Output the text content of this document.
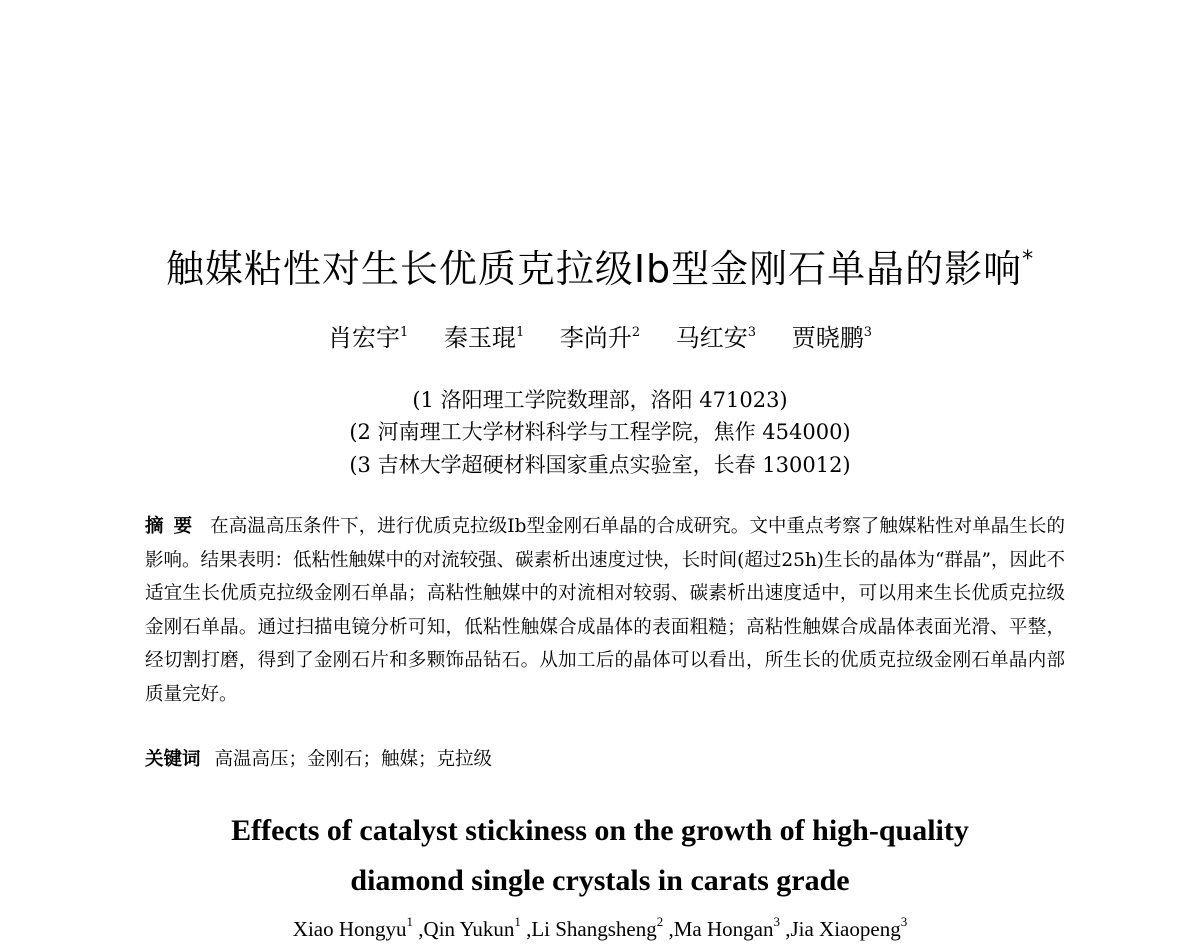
触媒粘性对生长优质克拉级Ib型金刚石单晶的影响*
肖宏宇$^1$ 秦玉琨$^1$ 李尚升$^2$ 马红安$^3$ 贾晓鹏$^3$
(1 洛阳理工学院数理部，洛阳 471023)
(2 河南理工大学材料科学与工程学院，焦作 454000)
(3 吉林大学超硬材料国家重点实验室，长春 130012)
摘要 在高温高压条件下，进行优质克拉级Ib型金刚石单晶的合成研究。文中重点考察了触媒粘性对单晶生长的影响。结果表明：低粘性触媒中的对流较强、碳素析出速度过快，长时间(超过25h)生长的晶体为“群晶”，因此不适宜生长优质克拉级金刚石单晶；高粘性触媒中的对流相对较弱、碳素析出速度适中，可以用来生长优质克拉级金刚石单晶。通过扫描电镜分析可知，低粘性触媒合成晶体的表面粗糙；高粘性触媒合成晶体表面光滑、平整，经切割打磨，得到了金刚石片和多颗饰品钻石。从加工后的晶体可以看出，所生长的优质克拉级金刚石单晶内部质量完好。
关键词 高温高压；金刚石；触媒；克拉级
Effects of catalyst stickiness on the growth of high-quality
diamond single crystals in carats grade
Xiao Hongyu$^1$ ,Qin Yukun$^1$ ,Li Shangsheng$^2$ ,Ma Hongan$^3$ ,Jia Xiaopeng$^3$
